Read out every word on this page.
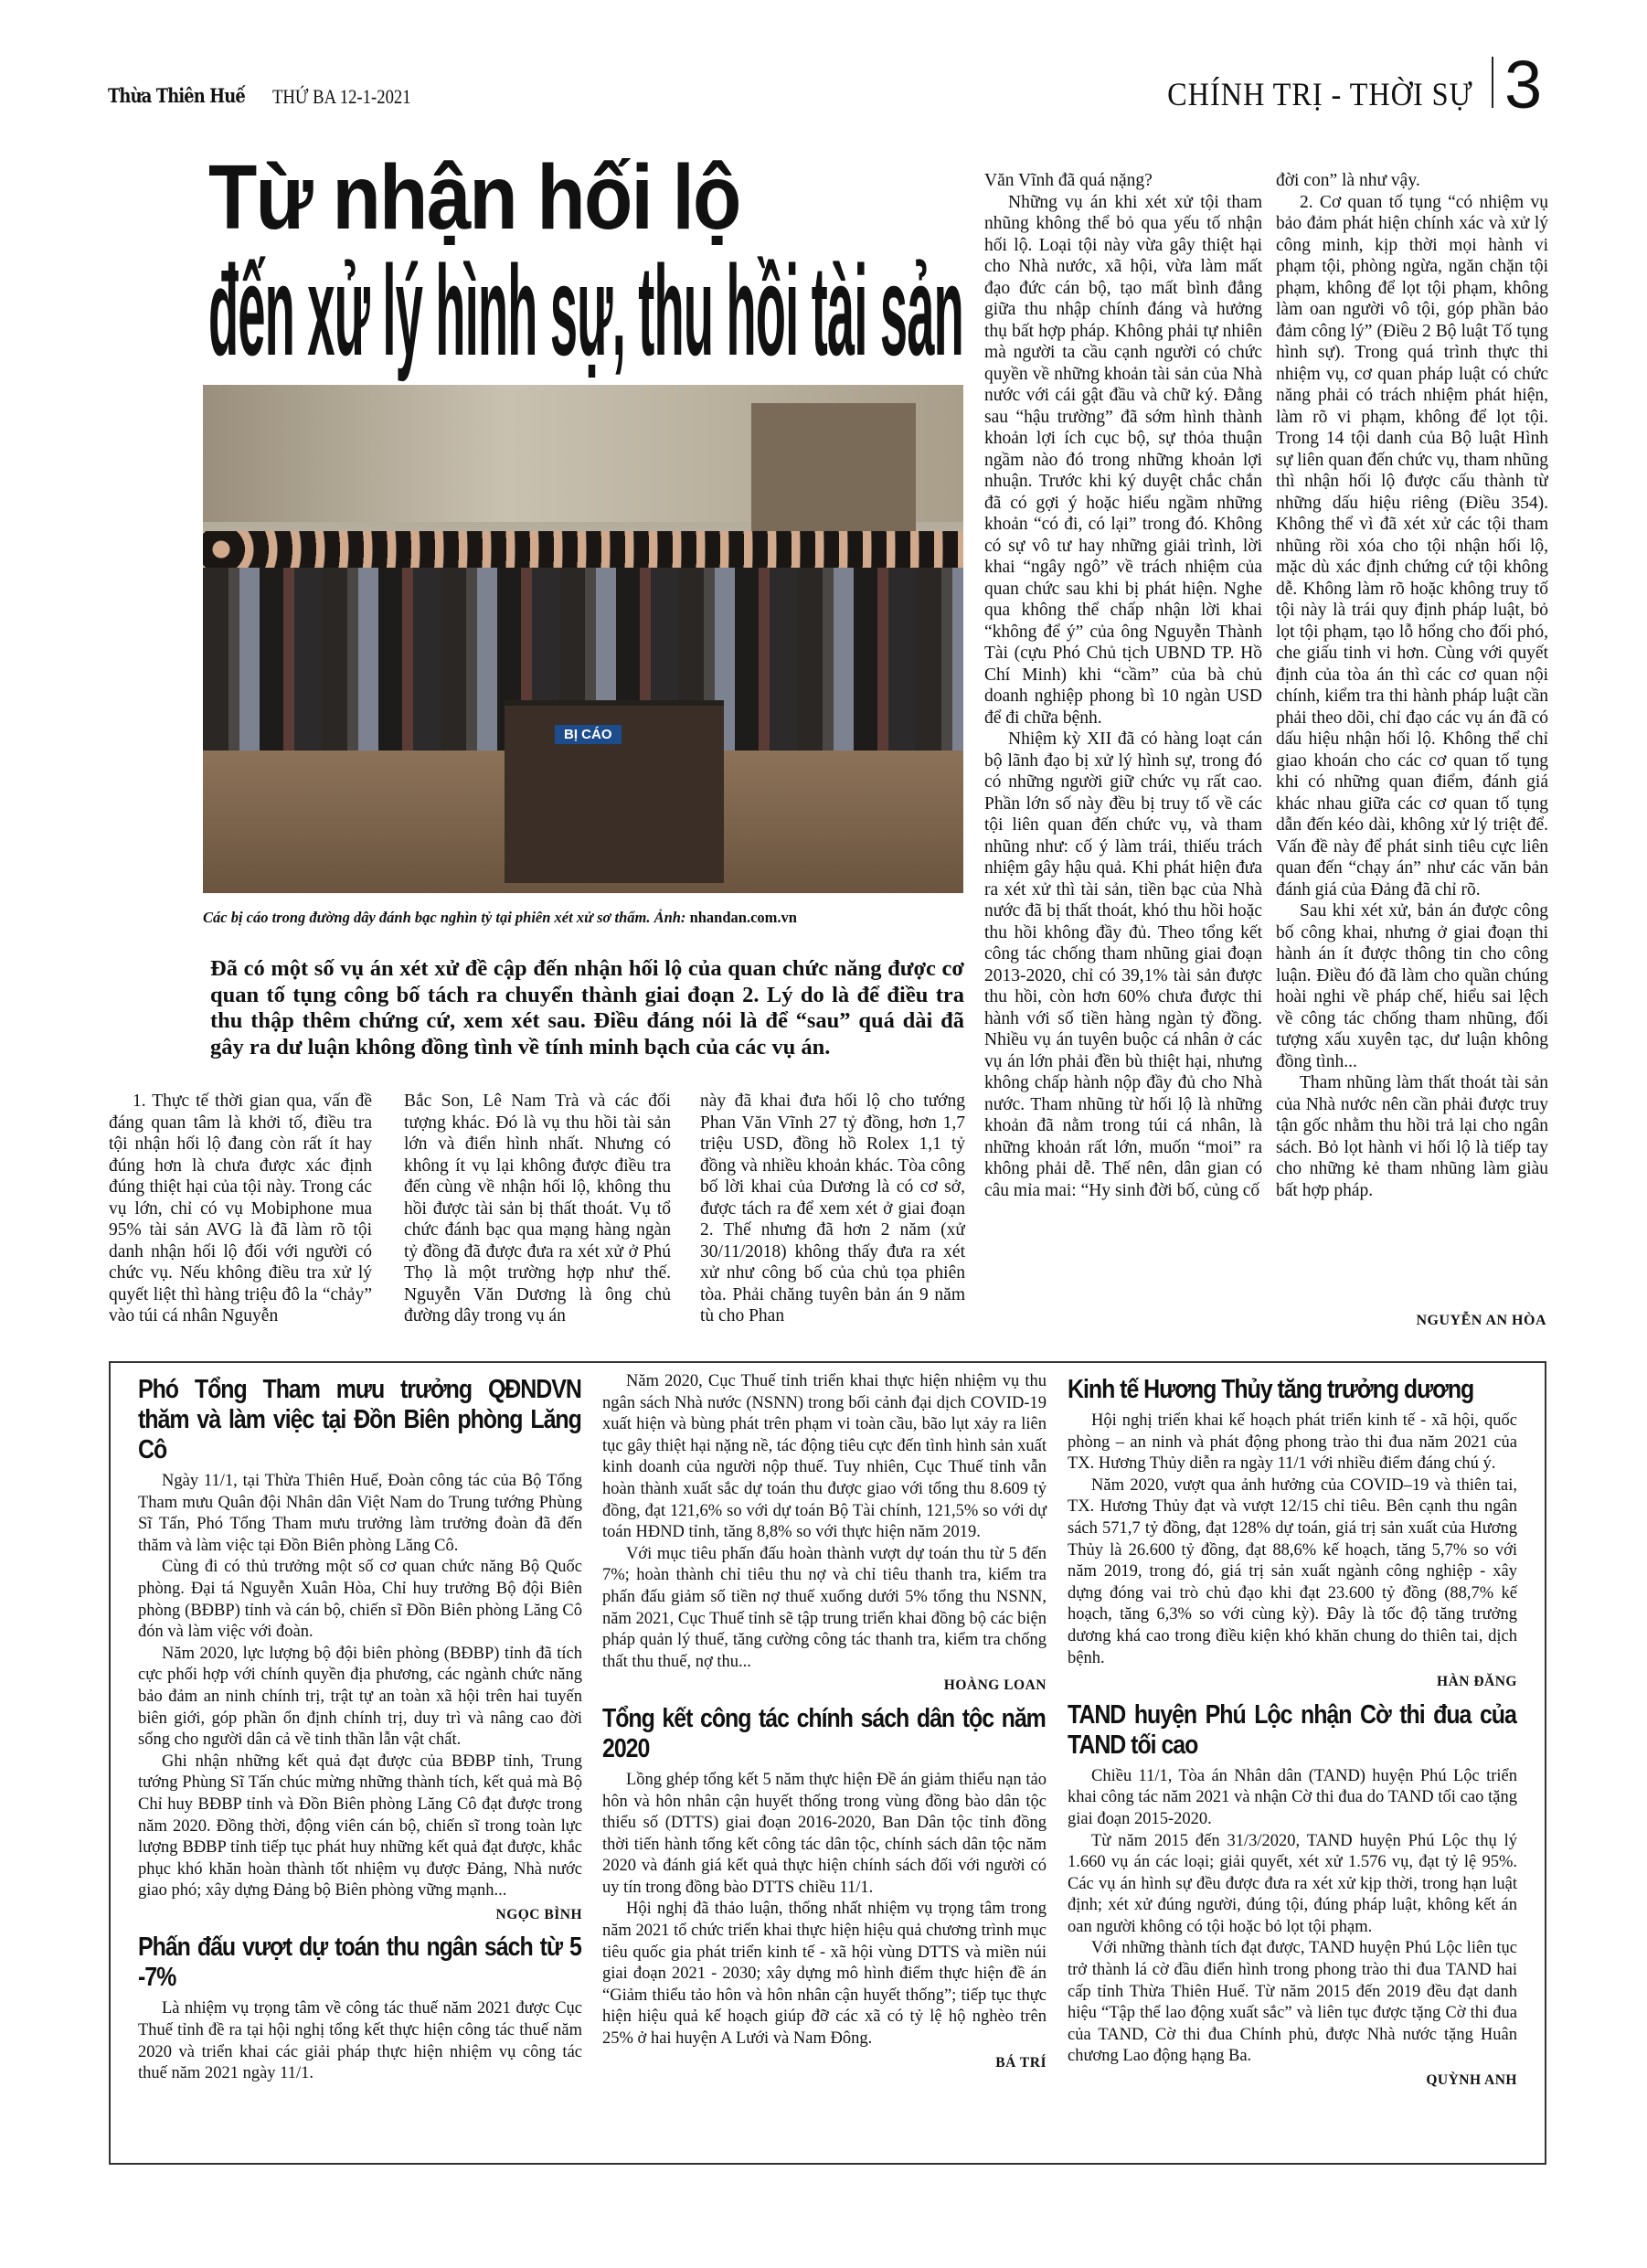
Thừa Thiên Huế THỨ BA 12-1-2021	CHÍNH TRỊ - THỜI SỰ 3
Từ nhận hối lộ
đến xử lý hình sự, thu hồi tài sản
BỊ CÁO
Các bị cáo trong đường dây đánh bạc nghìn tỷ tại phiên xét xử sơ thẩm. Ảnh: nhandan.com.vn
Đã có một số vụ án xét xử đề cập đến nhận hối lộ của quan chức năng được cơ quan tố tụng công bố tách ra chuyển thành giai đoạn 2. Lý do là để điều tra thu thập thêm chứng cứ, xem xét sau. Điều đáng nói là để “sau” quá dài đã gây ra dư luận không đồng tình về tính minh bạch của các vụ án.

1. Thực tế thời gian qua, vấn đề đáng quan tâm là khởi tố, điều tra tội nhận hối lộ đang còn rất ít hay đúng hơn là chưa được xác định đúng thiệt hại của tội này. Trong các vụ lớn, chỉ có vụ Mobiphone mua 95% tài sản AVG là đã làm rõ tội danh nhận hối lộ đối với người có chức vụ. Nếu không điều tra xử lý quyết liệt thì hàng triệu đô la “chảy” vào túi cá nhân Nguyễn

Bắc Son, Lê Nam Trà và các đối tượng khác. Đó là vụ thu hồi tài sản lớn và điển hình nhất. Nhưng có không ít vụ lại không được điều tra đến cùng về nhận hối lộ, không thu hồi được tài sản bị thất thoát. Vụ tổ chức đánh bạc qua mạng hàng ngàn tỷ đồng đã được đưa ra xét xử ở Phú Thọ là một trường hợp như thế. Nguyễn Văn Dương là ông chủ đường dây trong vụ án

này đã khai đưa hối lộ cho tướng Phan Văn Vĩnh 27 tỷ đồng, hơn 1,7 triệu USD, đồng hồ Rolex 1,1 tỷ đồng và nhiều khoản khác. Tòa công bố lời khai của Dương là có cơ sở, được tách ra để xem xét ở giai đoạn 2. Thế nhưng đã hơn 2 năm (xử 30/11/2018) không thấy đưa ra xét xử như công bố của chủ tọa phiên tòa. Phải chăng tuyên bản án 9 năm tù cho Phan

Văn Vĩnh đã quá nặng?

Những vụ án khi xét xử tội tham nhũng không thể bỏ qua yếu tố nhận hối lộ. Loại tội này vừa gây thiệt hại cho Nhà nước, xã hội, vừa làm mất đạo đức cán bộ, tạo mất bình đẳng giữa thu nhập chính đáng và hưởng thụ bất hợp pháp. Không phải tự nhiên mà người ta cầu cạnh người có chức quyền về những khoản tài sản của Nhà nước với cái gật đầu và chữ ký. Đằng sau “hậu trường” đã sớm hình thành khoản lợi ích cục bộ, sự thỏa thuận ngầm nào đó trong những khoản lợi nhuận. Trước khi ký duyệt chắc chắn đã có gợi ý hoặc hiểu ngầm những khoản “có đi, có lại” trong đó. Không có sự vô tư hay những giải trình, lời khai “ngây ngô” về trách nhiệm của quan chức sau khi bị phát hiện. Nghe qua không thể chấp nhận lời khai “không để ý” của ông Nguyễn Thành Tài (cựu Phó Chủ tịch UBND TP. Hồ Chí Minh) khi “cầm” của bà chủ doanh nghiệp phong bì 10 ngàn USD để đi chữa bệnh.

Nhiệm kỳ XII đã có hàng loạt cán bộ lãnh đạo bị xử lý hình sự, trong đó có những người giữ chức vụ rất cao. Phần lớn số này đều bị truy tố về các tội liên quan đến chức vụ, và tham nhũng như: cố ý làm trái, thiếu trách nhiệm gây hậu quả. Khi phát hiện đưa ra xét xử thì tài sản, tiền bạc của Nhà nước đã bị thất thoát, khó thu hồi hoặc thu hồi không đầy đủ. Theo tổng kết công tác chống tham nhũng giai đoạn 2013-2020, chỉ có 39,1% tài sản được thu hồi, còn hơn 60% chưa được thi hành với số tiền hàng ngàn tỷ đồng. Nhiều vụ án tuyên buộc cá nhân ở các vụ án lớn phải đền bù thiệt hại, nhưng không chấp hành nộp đầy đủ cho Nhà nước. Tham nhũng từ hối lộ là những khoản đã nằm trong túi cá nhân, là những khoản rất lớn, muốn “moi” ra không phải dễ. Thế nên, dân gian có câu mỉa mai: “Hy sinh đời bố, củng cố

đời con” là như vậy.

2. Cơ quan tố tụng “có nhiệm vụ bảo đảm phát hiện chính xác và xử lý công minh, kịp thời mọi hành vi phạm tội, phòng ngừa, ngăn chặn tội phạm, không để lọt tội phạm, không làm oan người vô tội, góp phần bảo đảm công lý” (Điều 2 Bộ luật Tố tụng hình sự). Trong quá trình thực thi nhiệm vụ, cơ quan pháp luật có chức năng phải có trách nhiệm phát hiện, làm rõ vi phạm, không để lọt tội. Trong 14 tội danh của Bộ luật Hình sự liên quan đến chức vụ, tham nhũng thì nhận hối lộ được cấu thành từ những dấu hiệu riêng (Điều 354). Không thể vì đã xét xử các tội tham nhũng rồi xóa cho tội nhận hối lộ, mặc dù xác định chứng cứ tội không dễ. Không làm rõ hoặc không truy tố tội này là trái quy định pháp luật, bỏ lọt tội phạm, tạo lỗ hổng cho đối phó, che giấu tinh vi hơn. Cùng với quyết định của tòa án thì các cơ quan nội chính, kiểm tra thi hành pháp luật cần phải theo dõi, chỉ đạo các vụ án đã có dấu hiệu nhận hối lộ. Không thể chỉ giao khoán cho các cơ quan tố tụng khi có những quan điểm, đánh giá khác nhau giữa các cơ quan tố tụng dẫn đến kéo dài, không xử lý triệt để. Vấn đề này để phát sinh tiêu cực liên quan đến “chạy án” như các văn bản đánh giá của Đảng đã chỉ rõ.

Sau khi xét xử, bản án được công bố công khai, nhưng ở giai đoạn thi hành án ít được thông tin cho công luận. Điều đó đã làm cho quần chúng hoài nghi về pháp chế, hiểu sai lệch về công tác chống tham nhũng, đối tượng xấu xuyên tạc, dư luận không đồng tình...

Tham nhũng làm thất thoát tài sản của Nhà nước nên cần phải được truy tận gốc nhằm thu hồi trả lại cho ngân sách. Bỏ lọt hành vi hối lộ là tiếp tay cho những kẻ tham nhũng làm giàu bất hợp pháp.

NGUYỄN AN HÒA
Phó Tổng Tham mưu trưởng QĐNDVN thăm và làm việc tại Đồn Biên phòng Lăng Cô

Ngày 11/1, tại Thừa Thiên Huế, Đoàn công tác của Bộ Tổng Tham mưu Quân đội Nhân dân Việt Nam do Trung tướng Phùng Sĩ Tấn, Phó Tổng Tham mưu trưởng làm trưởng đoàn đã đến thăm và làm việc tại Đồn Biên phòng Lăng Cô.

Cùng đi có thủ trưởng một số cơ quan chức năng Bộ Quốc phòng. Đại tá Nguyễn Xuân Hòa, Chỉ huy trưởng Bộ đội Biên phòng (BĐBP) tỉnh và cán bộ, chiến sĩ Đồn Biên phòng Lăng Cô đón và làm việc với đoàn.

Năm 2020, lực lượng bộ đội biên phòng (BĐBP) tỉnh đã tích cực phối hợp với chính quyền địa phương, các ngành chức năng bảo đảm an ninh chính trị, trật tự an toàn xã hội trên hai tuyến biên giới, góp phần ổn định chính trị, duy trì và nâng cao đời sống cho người dân cả về tinh thần lẫn vật chất.

Ghi nhận những kết quả đạt được của BĐBP tỉnh, Trung tướng Phùng Sĩ Tấn chúc mừng những thành tích, kết quả mà Bộ Chỉ huy BĐBP tỉnh và Đồn Biên phòng Lăng Cô đạt được trong năm 2020. Đồng thời, động viên cán bộ, chiến sĩ trong toàn lực lượng BĐBP tỉnh tiếp tục phát huy những kết quả đạt được, khắc phục khó khăn hoàn thành tốt nhiệm vụ được Đảng, Nhà nước giao phó; xây dựng Đảng bộ Biên phòng vững mạnh...

NGỌC BÌNH
Phấn đấu vượt dự toán thu ngân sách từ 5 -7%

Là nhiệm vụ trọng tâm về công tác thuế năm 2021 được Cục Thuế tỉnh đề ra tại hội nghị tổng kết thực hiện công tác thuế năm 2020 và triển khai các giải pháp thực hiện nhiệm vụ công tác thuế năm 2021 ngày 11/1.

Năm 2020, Cục Thuế tỉnh triển khai thực hiện nhiệm vụ thu ngân sách Nhà nước (NSNN) trong bối cảnh đại dịch COVID-19 xuất hiện và bùng phát trên phạm vi toàn cầu, bão lụt xảy ra liên tục gây thiệt hại nặng nề, tác động tiêu cực đến tình hình sản xuất kinh doanh của người nộp thuế. Tuy nhiên, Cục Thuế tỉnh vẫn hoàn thành xuất sắc dự toán thu được giao với tổng thu 8.609 tỷ đồng, đạt 121,6% so với dự toán Bộ Tài chính, 121,5% so với dự toán HĐND tỉnh, tăng 8,8% so với thực hiện năm 2019.

Với mục tiêu phấn đấu hoàn thành vượt dự toán thu từ 5 đến 7%; hoàn thành chỉ tiêu thu nợ và chỉ tiêu thanh tra, kiểm tra phấn đấu giảm số tiền nợ thuế xuống dưới 5% tổng thu NSNN, năm 2021, Cục Thuế tỉnh sẽ tập trung triển khai đồng bộ các biện pháp quản lý thuế, tăng cường công tác thanh tra, kiểm tra chống thất thu thuế, nợ thu...

HOÀNG LOAN
Tổng kết công tác chính sách dân tộc năm 2020

Lồng ghép tổng kết 5 năm thực hiện Đề án giảm thiểu nạn tảo hôn và hôn nhân cận huyết thống trong vùng đồng bào dân tộc thiểu số (DTTS) giai đoạn 2016-2020, Ban Dân tộc tỉnh đồng thời tiến hành tổng kết công tác dân tộc, chính sách dân tộc năm 2020 và đánh giá kết quả thực hiện chính sách đối với người có uy tín trong đồng bào DTTS chiều 11/1.

Hội nghị đã thảo luận, thống nhất nhiệm vụ trọng tâm trong năm 2021 tổ chức triển khai thực hiện hiệu quả chương trình mục tiêu quốc gia phát triển kinh tế - xã hội vùng DTTS và miền núi giai đoạn 2021 - 2030; xây dựng mô hình điểm thực hiện đề án “Giảm thiểu tảo hôn và hôn nhân cận huyết thống”; tiếp tục thực hiện hiệu quả kế hoạch giúp đỡ các xã có tỷ lệ hộ nghèo trên 25% ở hai huyện A Lưới và Nam Đông.

BÁ TRÍ
Kinh tế Hương Thủy tăng trưởng dương

Hội nghị triển khai kế hoạch phát triển kinh tế - xã hội, quốc phòng – an ninh và phát động phong trào thi đua năm 2021 của TX. Hương Thủy diễn ra ngày 11/1 với nhiều điểm đáng chú ý.

Năm 2020, vượt qua ảnh hưởng của COVID–19 và thiên tai, TX. Hương Thủy đạt và vượt 12/15 chỉ tiêu. Bên cạnh thu ngân sách 571,7 tỷ đồng, đạt 128% dự toán, giá trị sản xuất của Hương Thủy là 26.600 tỷ đồng, đạt 88,6% kế hoạch, tăng 5,7% so với năm 2019, trong đó, giá trị sản xuất ngành công nghiệp - xây dựng đóng vai trò chủ đạo khi đạt 23.600 tỷ đồng (88,7% kế hoạch, tăng 6,3% so với cùng kỳ). Đây là tốc độ tăng trưởng dương khá cao trong điều kiện khó khăn chung do thiên tai, dịch bệnh.

HÀN ĐĂNG
TAND huyện Phú Lộc nhận Cờ thi đua của TAND tối cao

Chiều 11/1, Tòa án Nhân dân (TAND) huyện Phú Lộc triển khai công tác năm 2021 và nhận Cờ thi đua do TAND tối cao tặng giai đoạn 2015-2020.

Từ năm 2015 đến 31/3/2020, TAND huyện Phú Lộc thụ lý 1.660 vụ án các loại; giải quyết, xét xử 1.576 vụ, đạt tỷ lệ 95%. Các vụ án hình sự đều được đưa ra xét xử kịp thời, trong hạn luật định; xét xử đúng người, đúng tội, đúng pháp luật, không kết án oan người không có tội hoặc bỏ lọt tội phạm.

Với những thành tích đạt được, TAND huyện Phú Lộc liên tục trở thành lá cờ đầu điển hình trong phong trào thi đua TAND hai cấp tỉnh Thừa Thiên Huế. Từ năm 2015 đến 2019 đều đạt danh hiệu “Tập thể lao động xuất sắc” và liên tục được tặng Cờ thi đua của TAND, Cờ thi đua Chính phủ, được Nhà nước tặng Huân chương Lao động hạng Ba.

QUỲNH ANH
